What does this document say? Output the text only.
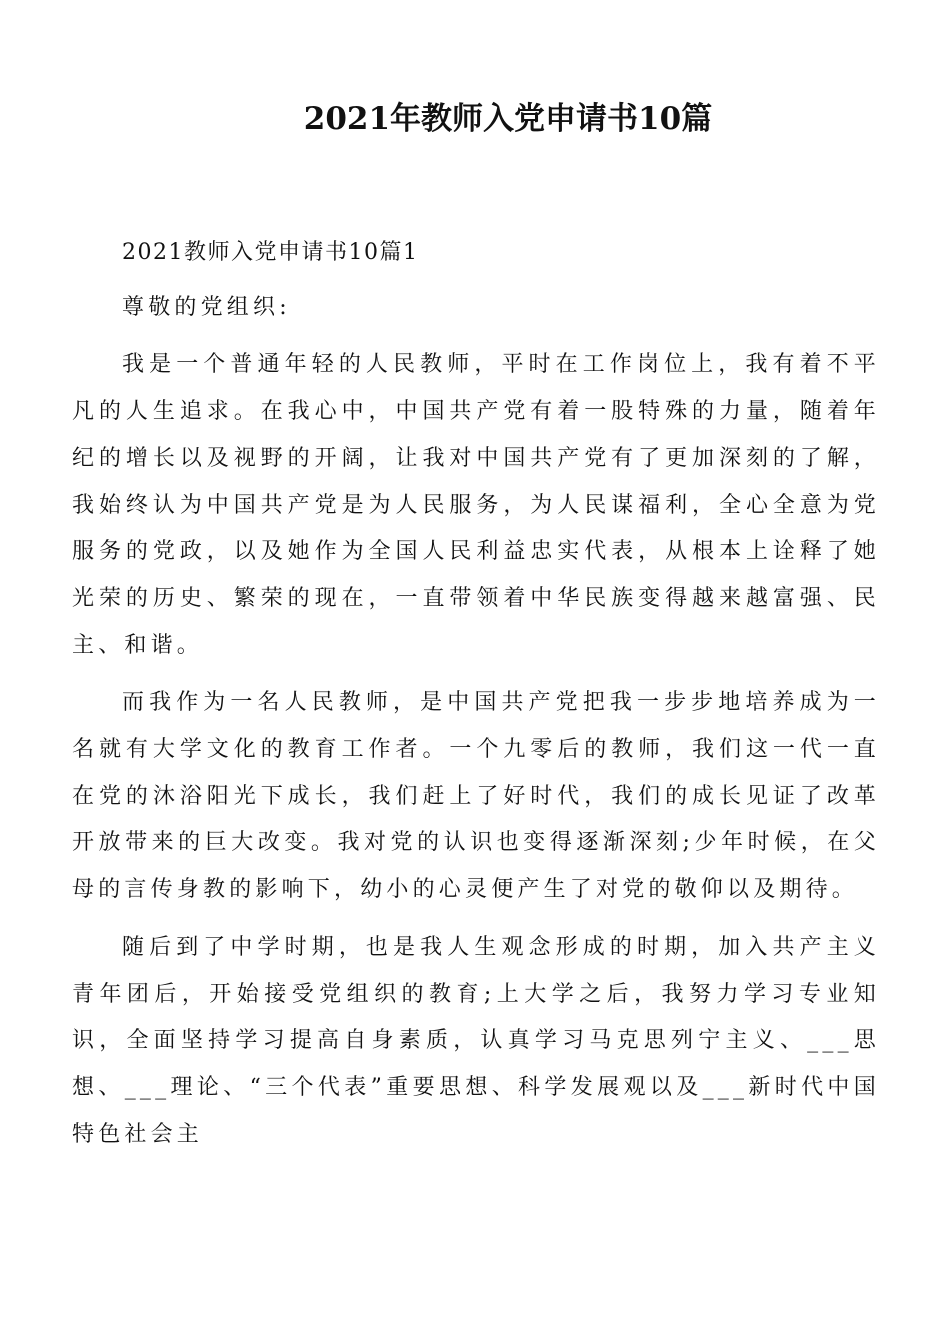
2021年教师入党申请书10篇

2021教师入党申请书10篇1

尊敬的党组织:

我是一个普通年轻的人民教师，平时在工作岗位上，我有着不平凡的人生追求。在我心中，中国共产党有着一股特殊的力量，随着年纪的增长以及视野的开阔，让我对中国共产党有了更加深刻的了解，我始终认为中国共产党是为人民服务，为人民谋福利，全心全意为党服务的党政，以及她作为全国人民利益忠实代表，从根本上诠释了她光荣的历史、繁荣的现在，一直带领着中华民族变得越来越富强、民主、和谐。

而我作为一名人民教师，是中国共产党把我一步步地培养成为一名就有大学文化的教育工作者。一个九零后的教师，我们这一代一直在党的沐浴阳光下成长，我们赶上了好时代，我们的成长见证了改革开放带来的巨大改变。我对党的认识也变得逐渐深刻;少年时候，在父母的言传身教的影响下，幼小的心灵便产生了对党的敬仰以及期待。

随后到了中学时期，也是我人生观念形成的时期，加入共产主义青年团后，开始接受党组织的教育;上大学之后，我努力学习专业知识，全面坚持学习提高自身素质，认真学习马克思列宁主义、___思想、___理论、“三个代表”重要思想、科学发展观以及___新时代中国特色社会主
